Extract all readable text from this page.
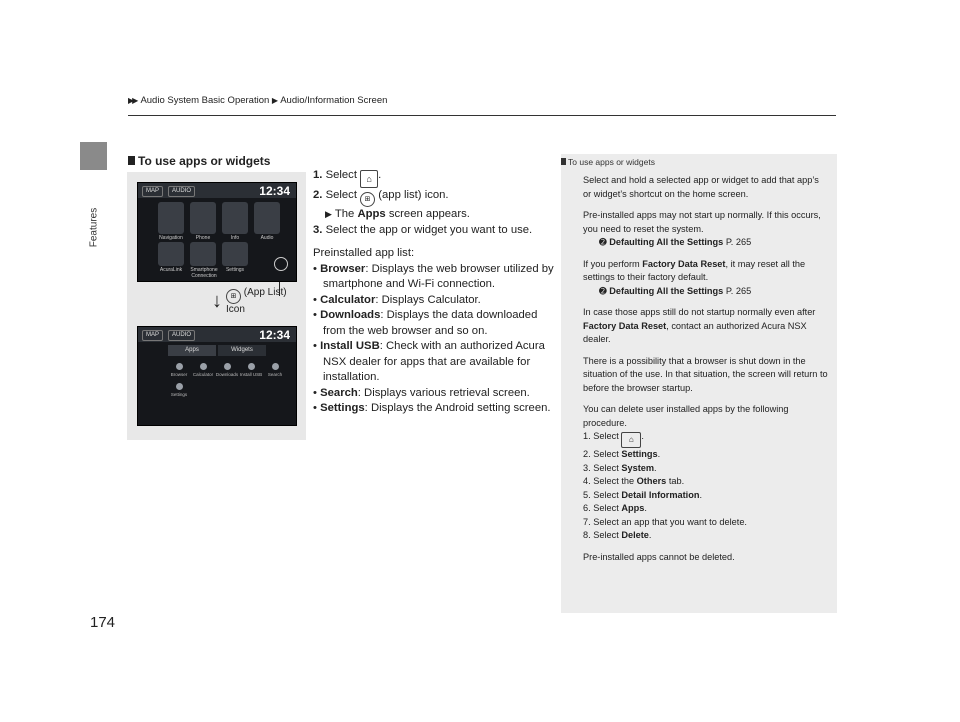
▶▶ Audio System Basic Operation ▶ Audio/Information Screen
Features
174
To use apps or widgets
MAP	AUDIO	12:34
Navigation	Phone	Info	Audio
AcuraLink	Smartphone Connection
Settings
MAP	AUDIO	12:34
Apps	Widgets
Browser	Calculator Downloads Install USB	Search
Settings
↓	⊞ (App List)
Icon
1. Select ⌂ .
2. Select ⊞ (app list) icon.
▶ The Apps screen appears.
3. Select the app or widget you want to use.

Preinstalled app list:

• Browser: Displays the web browser utilized by smartphone and Wi-Fi connection.
• Calculator: Displays Calculator.
• Downloads: Displays the data downloaded from the web browser and so on.
• Install USB: Check with an authorized Acura NSX dealer for apps that are available for installation.
• Search: Displays various retrieval screen.
• Settings: Displays the Android setting screen.
To use apps or widgets

Select and hold a selected app or widget to add that app’s or widget’s shortcut on the home screen.

Pre-installed apps may not start up normally. If this occurs, you need to reset the system.
➋ Defaulting All the Settings P. 265

If you perform Factory Data Reset, it may reset all the settings to their factory default.
➋ Defaulting All the Settings P. 265

In case those apps still do not startup normally even after Factory Data Reset, contact an authorized Acura NSX dealer.

There is a possibility that a browser is shut down in the situation of the use. In that situation, the screen will return to before the browser startup.

You can delete user installed apps by the following procedure.
1. Select ⌂ .
2. Select Settings.
3. Select System.
4. Select the Others tab.
5. Select Detail Information.
6. Select Apps.
7. Select an app that you want to delete.
8. Select Delete.

Pre-installed apps cannot be deleted.
